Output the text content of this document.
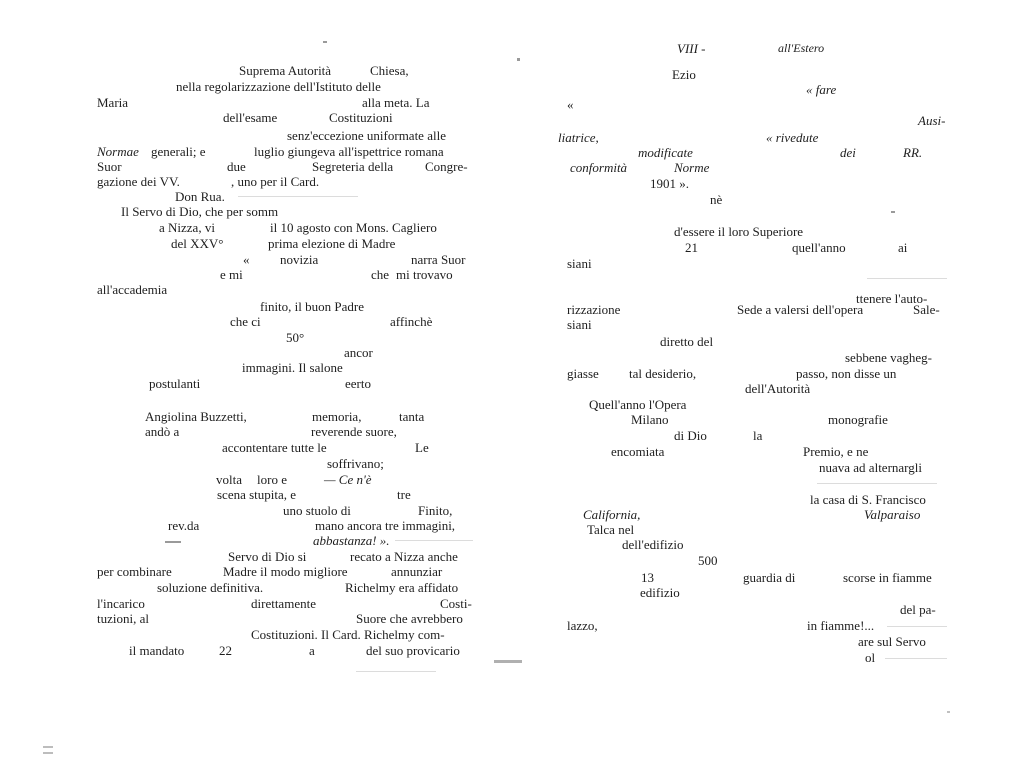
Suprema Autorità	Chiesa,
nella regolarizzazione dell'Istituto delle
Maria	alla meta. La
dell'esame	Costituzioni
senz'eccezione uniformate alle
Normae generali; e	luglio giungeva all'ispettrice romana
Suor	due	Segreteria della Congre-
gazione dei VV.	, uno per il Card.
Don Rua.
Il Servo di Dio, che per somm
a Nizza, vi	il 10 agosto con Mons. Cagliero
del XXV°	prima elezione di Madre
« novizia	narra Suor
e mi	che mi trovavo
all'accademia
finito, il buon Padre
che ci	affinchè
50°
ancor
immagini. Il salone
postulanti	eerto
Angiolina Buzzetti,	memoria,	tanta
andò a	reverende suore,
accontentare tutte le	Le
soffrivano;
volta loro e	— Ce n'è
scena stupita, e	tre
uno stuolo di	Finito,
rev.da	mano ancora tre immagini,
abbastanza! ».
Servo di Dio si	recato a Nizza anche
per combinare	Madre il modo migliore	annunziar
soluzione definitiva.	Richelmy era affidato
l'incarico	direttamente	Costi-
tuzioni, al	Suore che avrebbero
Costituzioni. Il Card. Richelmy com-
il mandato	22	a	del suo provicario
VIII -	all'Estero
Ezio
« fare
«
Ausi-
liatrice,	« rivedute
modificate	dei	RR.
conformità	Norme
1901 ».
nè
d'essere il loro Superiore
21	quell'anno	ai
siani
ttenere l'auto-
rizzazione	Sede a valersi dell'opera	Sale-
siani
diretto del
sebbene vagheg-
giasse tal desiderio,	passo, non disse un
dell'Autorità
Quell'anno l'Opera
Milano	monografie
di Dio	la
encomiata	Premio, e ne
nuava ad alternargli
la casa di S. Francisco
California,	Valparaiso
Talca nel
dell'edifizio
500
13	guardia di	scorse in fiamme
edifizio
del pa-
lazzo,	in fiamme!...
are sul Servo
ol
